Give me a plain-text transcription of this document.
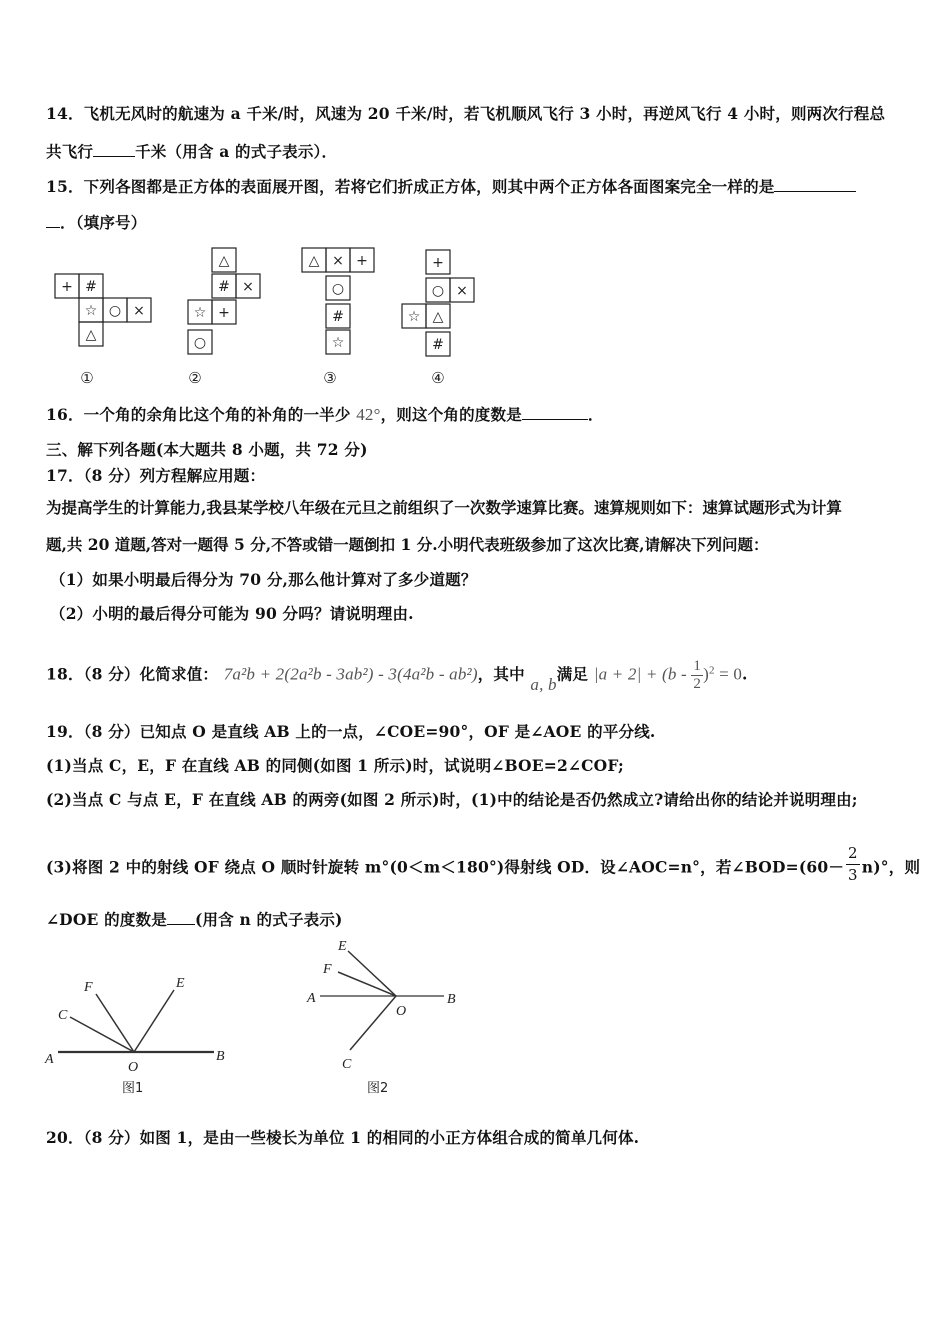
14．飞机无风时的航速为 a 千米/时，风速为 20 千米/时，若飞机顺风飞行 3 小时，再逆风飞行 4 小时，则两次行程总
共飞行	千米（用含 a 的式子表示）．
15．下列各图都是正方体的表面展开图，若将它们折成正方体，则其中两个正方体各面图案完全一样的是
．（填序号）
+ #
☆ ○ ×
△
△
# ×
☆ +
○
△ × +
○
#
☆
+
○ ×
☆ △
#
①	②	③	④
16．一个角的余角比这个角的补角的一半少 42°，则这个角的度数是	．
三、解下列各题(本大题共 8 小题，共 72 分)
17．（8 分）列方程解应用题：
为提高学生的计算能力,我县某学校八年级在元旦之前组织了一次数学速算比赛。速算规则如下：速算试题形式为计算
题,共 20 道题,答对一题得 5 分,不答或错一题倒扣 1 分.小明代表班级参加了这次比赛,请解决下列问题：
（1）如果小明最后得分为 70 分,那么他计算对了多少道题？
（2）小明的最后得分可能为 90 分吗？请说明理由.
18．（8 分）化简求值： 7a²b + 2(2a²b - 3ab²) - 3(4a²b - ab²)，其中 a, b满足 $|a + 2| + (b - \frac{1}{2} )^2 = 0$.
19．（8 分）已知点 O 是直线 AB 上的一点，∠COE=90°，OF 是∠AOE 的平分线.
(1)当点 C，E，F 在直线 AB 的同侧(如图 1 所示)时，试说明∠BOE=2∠COF;
(2)当点 C 与点 E，F 在直线 AB 的两旁(如图 2 所示)时，(1)中的结论是否仍然成立?请给出你的结论并说明理由;
(3)将图 2 中的射线 OF 绕点 O 顺时针旋转 m°(0＜m＜180°)得射线 OD．设∠AOC=n°，若∠BOD=(60－ $\frac{2}{3} n)^\circ$，则
∠DOE 的度数是 (用含 n 的式子表示)
F	E
C
A
O
B
图1
E
F
A
O
B
C
图2
20．（8 分）如图 1，是由一些棱长为单位 1 的相同的小正方体组合成的简单几何体.
